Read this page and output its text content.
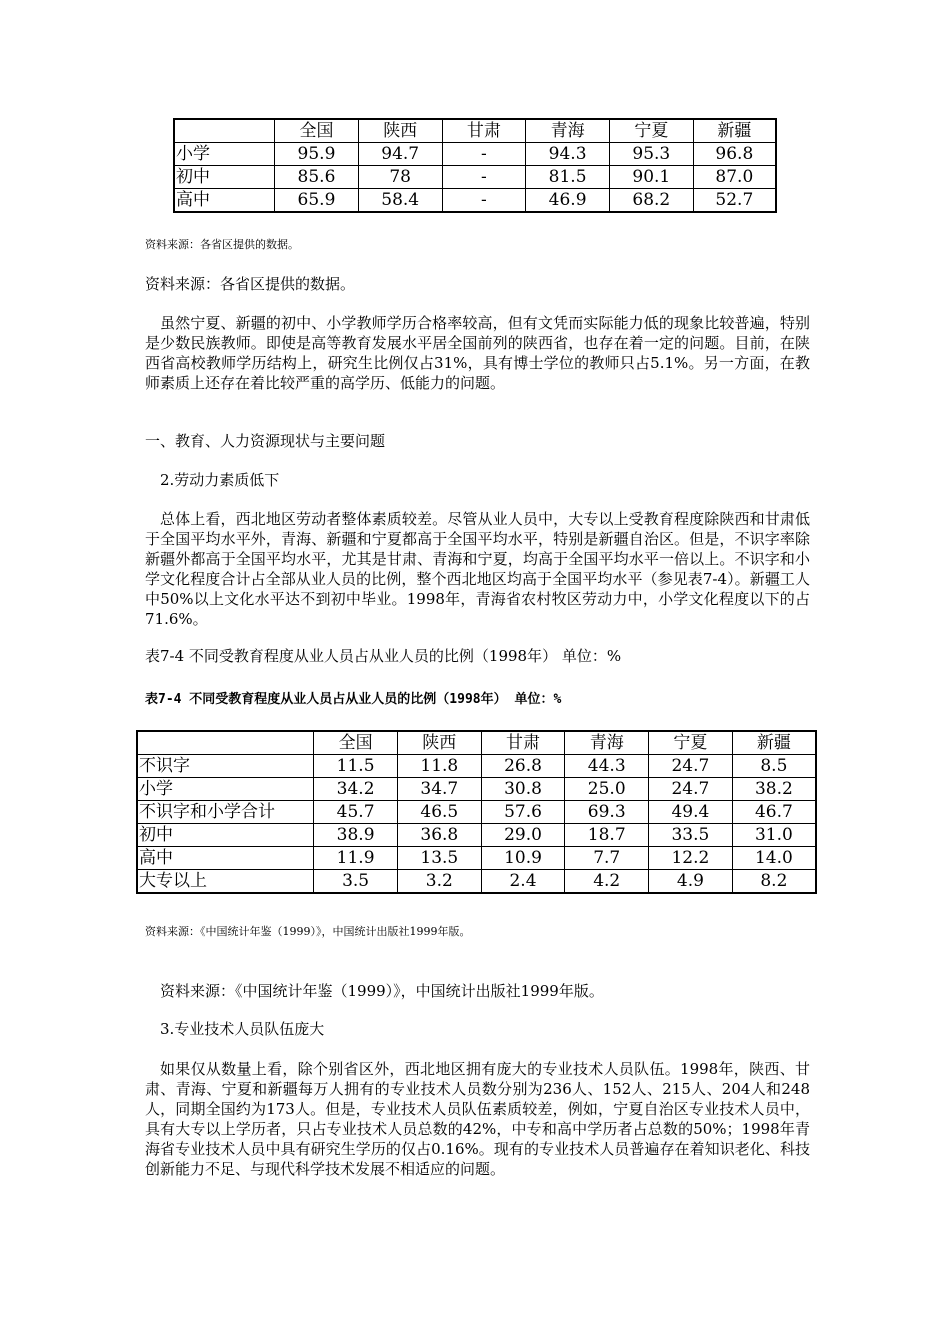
	全国	陕西	甘肃	青海	宁夏	新疆
小学	95.9	94.7	-	94.3	95.3	96.8
初中	85.6	78	-	81.5	90.1	87.0
高中	65.9	58.4	-	46.9	68.2	52.7
资料来源：各省区提供的数据。
资料来源：各省区提供的数据。
虽然宁夏、新疆的初中、小学教师学历合格率较高，但有文凭而实际能力低的现象比较普遍，特别是少数民族教师。即使是高等教育发展水平居全国前列的陕西省，也存在着一定的问题。目前，在陕西省高校教师学历结构上，研究生比例仅占31%，具有博士学位的教师只占5.1%。另一方面，在教师素质上还存在着比较严重的高学历、低能力的问题。
一、教育、人力资源现状与主要问题
2.劳动力素质低下
总体上看，西北地区劳动者整体素质较差。尽管从业人员中，大专以上受教育程度除陕西和甘肃低于全国平均水平外，青海、新疆和宁夏都高于全国平均水平，特别是新疆自治区。但是，不识字率除新疆外都高于全国平均水平，尤其是甘肃、青海和宁夏，均高于全国平均水平一倍以上。不识字和小学文化程度合计占全部从业人员的比例，整个西北地区均高于全国平均水平（参见表7-4）。新疆工人中50%以上文化水平达不到初中毕业。1998年，青海省农村牧区劳动力中，小学文化程度以下的占71.6%。
表7-4 不同受教育程度从业人员占从业人员的比例（1998年） 单位：%
表7-4 不同受教育程度从业人员占从业人员的比例（1998年） 单位：%
	全国	陕西	甘肃	青海	宁夏	新疆
不识字	11.5	11.8	26.8	44.3	24.7	8.5
小学	34.2	34.7	30.8	25.0	24.7	38.2
不识字和小学合计	45.7	46.5	57.6	69.3	49.4	46.7
初中	38.9	36.8	29.0	18.7	33.5	31.0
高中	11.9	13.5	10.9	7.7	12.2	14.0
大专以上	3.5	3.2	2.4	4.2	4.9	8.2
资料来源：《中国统计年鉴（1999）》，中国统计出版社1999年版。
资料来源：《中国统计年鉴（1999）》，中国统计出版社1999年版。
3.专业技术人员队伍庞大
如果仅从数量上看，除个别省区外，西北地区拥有庞大的专业技术人员队伍。1998年，陕西、甘肃、青海、宁夏和新疆每万人拥有的专业技术人员数分别为236人、152人、215人、204人和248人，同期全国约为173人。但是，专业技术人员队伍素质较差，例如，宁夏自治区专业技术人员中，具有大专以上学历者，只占专业技术人员总数的42%，中专和高中学历者占总数的50%；1998年青海省专业技术人员中具有研究生学历的仅占0.16%。现有的专业技术人员普遍存在着知识老化、科技创新能力不足、与现代科学技术发展不相适应的问题。
